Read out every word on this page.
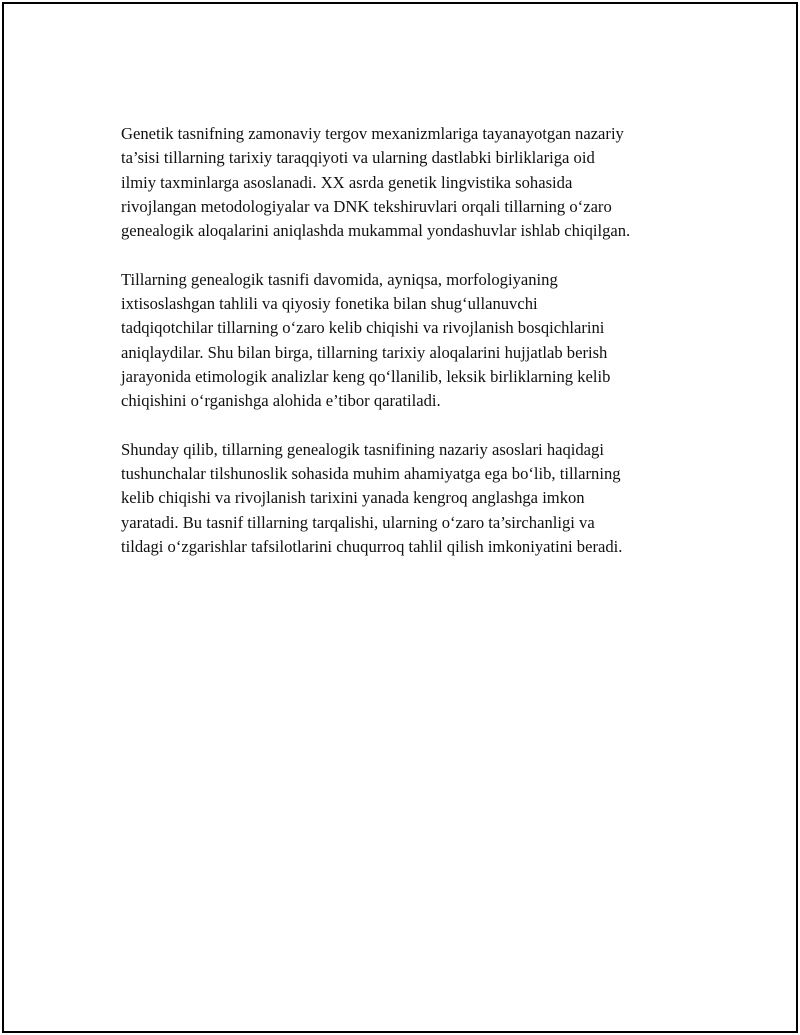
Genetik tasnifning zamonaviy tergov mexanizmlariga tayanayotgan nazariy
ta’sisi tillarning tarixiy taraqqiyoti va ularning dastlabki birliklariga oid
ilmiy taxminlarga asoslanadi. XX asrda genetik lingvistika sohasida
rivojlangan metodologiyalar va DNK tekshiruvlari orqali tillarning o‘zaro
genealogik aloqalarini aniqlashda mukammal yondashuvlar ishlab chiqilgan.

Tillarning genealogik tasnifi davomida, ayniqsa, morfologiyaning
ixtisoslashgan tahlili va qiyosiy fonetika bilan shug‘ullanuvchi
tadqiqotchilar tillarning o‘zaro kelib chiqishi va rivojlanish bosqichlarini
aniqlaydilar. Shu bilan birga, tillarning tarixiy aloqalarini hujjatlab berish
jarayonida etimologik analizlar keng qo‘llanilib, leksik birliklarning kelib
chiqishini o‘rganishga alohida e’tibor qaratiladi.

Shunday qilib, tillarning genealogik tasnifining nazariy asoslari haqidagi
tushunchalar tilshunoslik sohasida muhim ahamiyatga ega bo‘lib, tillarning
kelib chiqishi va rivojlanish tarixini yanada kengroq anglashga imkon
yaratadi. Bu tasnif tillarning tarqalishi, ularning o‘zaro ta’sirchanligi va
tildagi o‘zgarishlar tafsilotlarini chuqurroq tahlil qilish imkoniyatini beradi.
